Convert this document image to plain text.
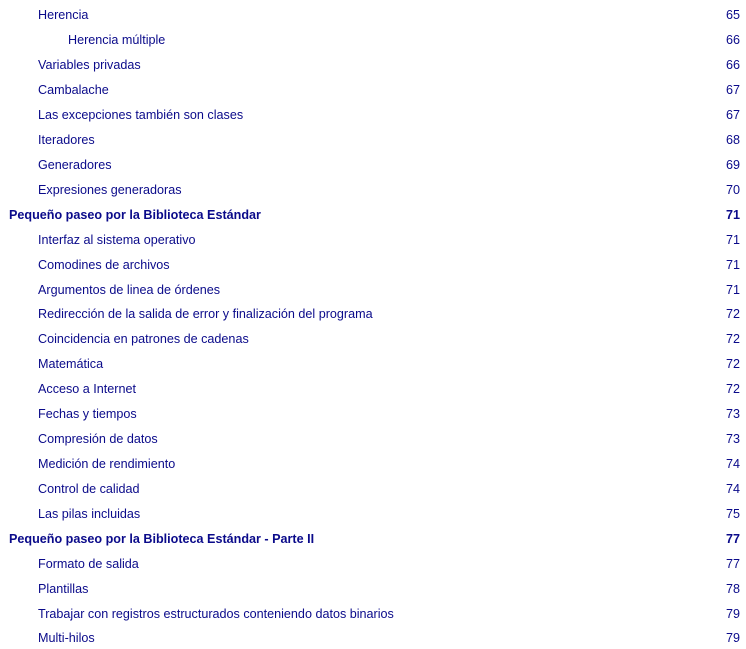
Herencia	65
Herencia múltiple	66
Variables privadas	66
Cambalache	67
Las excepciones también son clases	67
Iteradores	68
Generadores	69
Expresiones generadoras	70
Pequeño paseo por la Biblioteca Estándar	71
Interfaz al sistema operativo	71
Comodines de archivos	71
Argumentos de linea de órdenes	71
Redirección de la salida de error y finalización del programa	72
Coincidencia en patrones de cadenas	72
Matemática	72
Acceso a Internet	72
Fechas y tiempos	73
Compresión de datos	73
Medición de rendimiento	74
Control de calidad	74
Las pilas incluidas	75
Pequeño paseo por la Biblioteca Estándar - Parte II	77
Formato de salida	77
Plantillas	78
Trabajar con registros estructurados conteniendo datos binarios	79
Multi-hilos	79
